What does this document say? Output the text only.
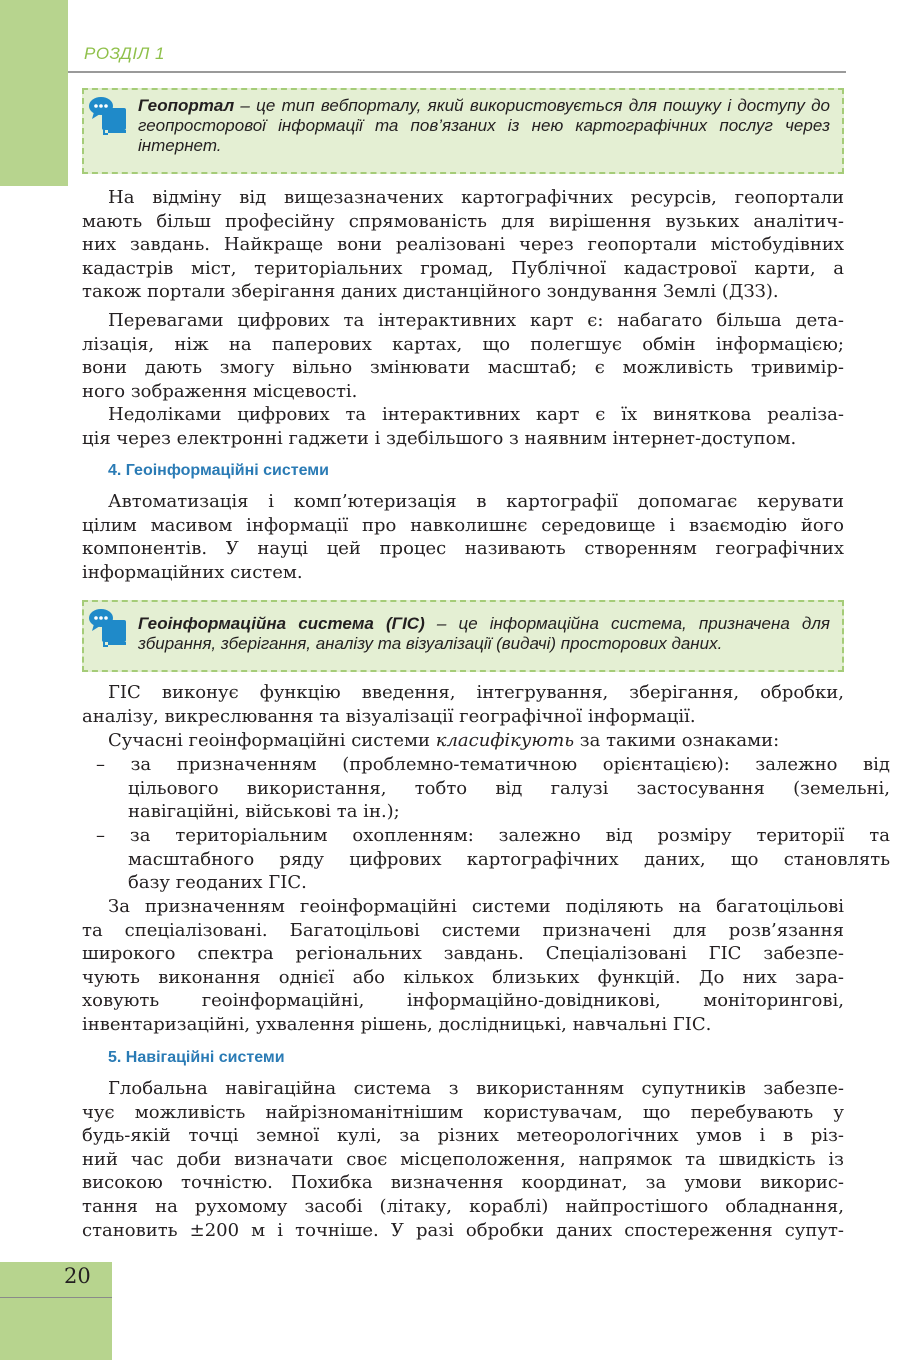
РОЗДІЛ 1
Геопортал – це тип вебпорталу, який використовується для пошуку і доступу до геопросторової інформації та пов’язаних із нею картографічних послуг через інтернет.
На відміну від вищезазначених картографічних ресурсів, геопортали
мають більш професійну спрямованість для вирішення вузьких аналітич-
них завдань. Найкраще вони реалізовані через геопортали містобудівних
кадастрів міст, територіальних громад, Публічної кадастрової карти, а
також портали зберігання даних дистанційного зондування Землі (ДЗЗ).
Перевагами цифрових та інтерактивних карт є: набагато більша дета-
лізація, ніж на паперових картах, що полегшує обмін інформацією;
вони дають змогу вільно змінювати масштаб; є можливість тривимір-
ного зображення місцевості.
Недоліками цифрових та інтерактивних карт є їх виняткова реаліза-
ція через електронні гаджети і здебільшого з наявним інтернет-доступом.
4. Геоінформаційні системи
Автоматизація і комп’ютеризація в картографії допомагає керувати
цілим масивом інформації про навколишнє середовище і взаємодію його
компонентів. У науці цей процес називають створенням географічних
інформаційних систем.
Геоінформаційна система (ГІС) – це інформаційна система, призначена для збирання, зберігання, аналізу та візуалізації (видачі) просторових даних.
ГІС виконує функцію введення, інтегрування, зберігання, обробки,
аналізу, викреслювання та візуалізації географічної інформації.
Сучасні геоінформаційні системи класифікують за такими ознаками:
– за призначенням (проблемно-тематичною орієнтацією): залежно від
цільового використання, тобто від галузі застосування (земельні,
навігаційні, військові та ін.);
– за територіальним охопленням: залежно від розміру території та
масштабного ряду цифрових картографічних даних, що становлять
базу геоданих ГІС.
За призначенням геоінформаційні системи поділяють на багатоцільові
та спеціалізовані. Багатоцільові системи призначені для розв’язання
широкого спектра регіональних завдань. Спеціалізовані ГІС забезпе-
чують виконання однієї або кількох близьких функцій. До них зара-
ховують геоінформаційні, інформаційно-довідникові, моніторингові,
інвентаризаційні, ухвалення рішень, дослідницькі, навчальні ГІС.
5. Навігаційні системи
Глобальна навігаційна система з використанням супутників забезпе-
чує можливість найрізноманітнішим користувачам, що перебувають у
будь-якій точці земної кулі, за різних метеорологічних умов і в різ-
ний час доби визначати своє місцеположення, напрямок та швидкість із
високою точністю. Похибка визначення координат, за умови викорис-
тання на рухомому засобі (літаку, кораблі) найпростішого обладнання,
становить ±200 м і точніше. У разі обробки даних спостереження супут-
20
